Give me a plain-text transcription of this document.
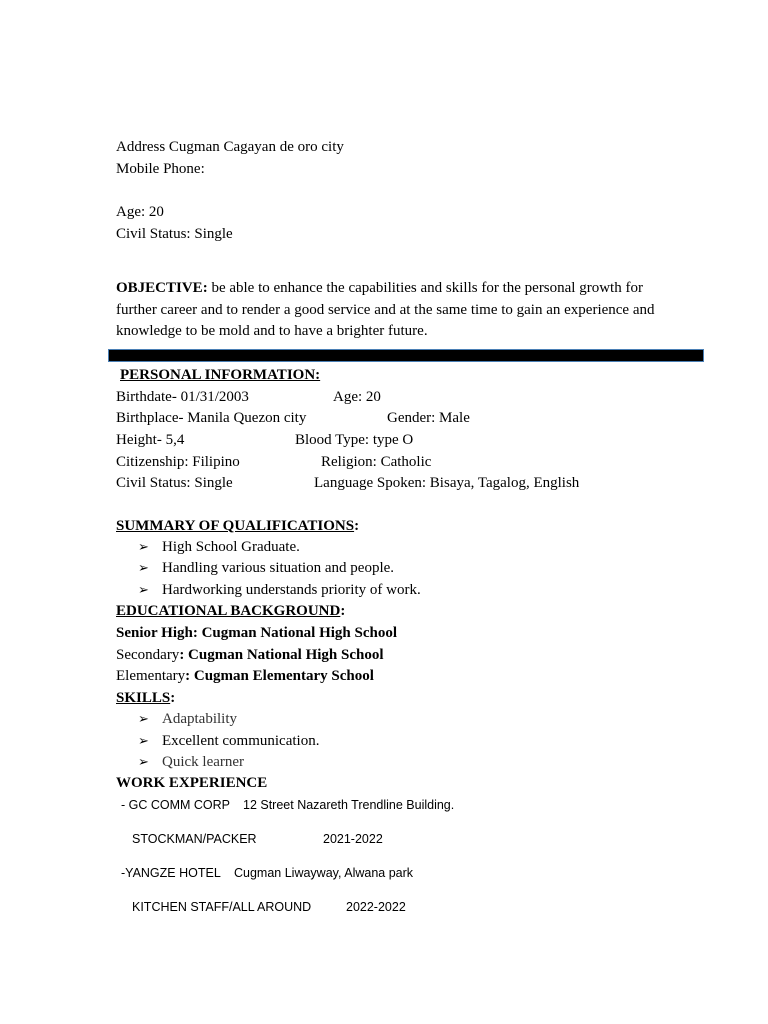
Address Cugman Cagayan de oro city
Mobile Phone:
Age: 20
Civil Status: Single
OBJECTIVE: be able to enhance the capabilities and skills for the personal growth for further career and to render a good service and at the same time to gain an experience and knowledge to be mold and to have a brighter future.
PERSONAL INFORMATION:
Birthdate- 01/31/2003	Age: 20
Birthplace- Manila Quezon city	Gender: Male
Height- 5,4	Blood Type: type O
Citizenship: Filipino	Religion: Catholic
Civil Status: Single	Language Spoken: Bisaya, Tagalog, English
SUMMARY OF QUALIFICATIONS:
➢ High School Graduate.
➢ Handling various situation and people.
➢ Hardworking understands priority of work.
EDUCATIONAL BACKGROUND:
Senior High: Cugman National High School
Secondary: Cugman National High School
Elementary: Cugman Elementary School
SKILLS:
➢ Adaptability
➢ Excellent communication.
➢ Quick learner
WORK EXPERIENCE
- GC COMM CORP 12 Street Nazareth Trendline Building.
STOCKMAN/PACKER	2021-2022
-YANGZE HOTEL Cugman Liwayway, Alwana park
KITCHEN STAFF/ALL AROUND	2022-2022
